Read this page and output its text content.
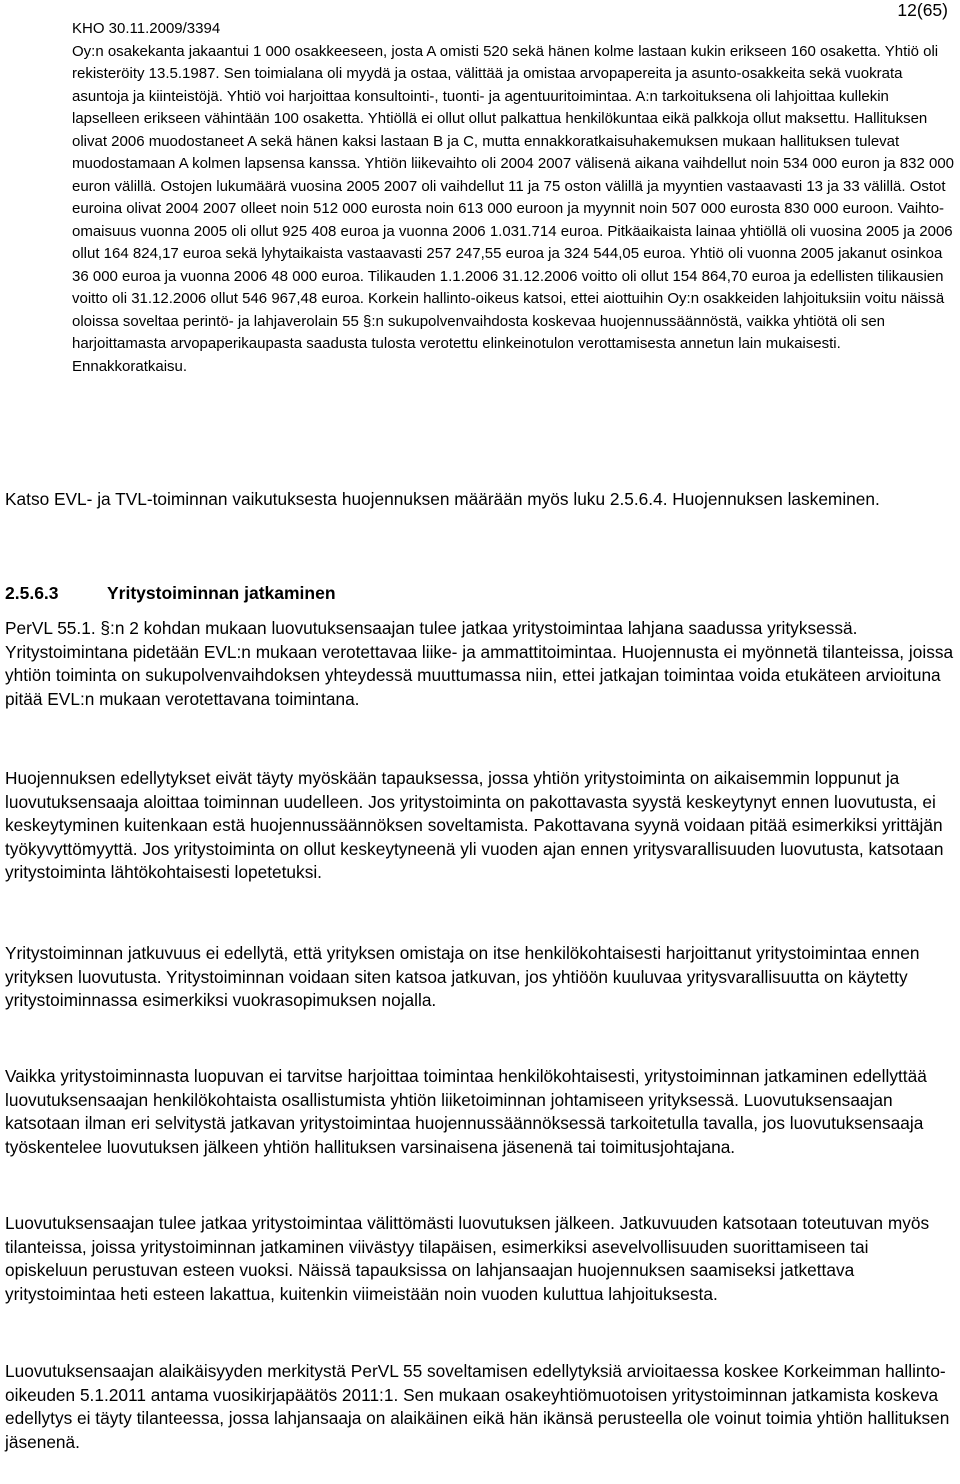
12(65)

KHO 30.11.2009/3394

Oy:n osakekanta jakaantui 1 000 osakkeeseen, josta A omisti 520 sekä hänen kolme lastaan kukin erikseen 160 osaketta. Yhtiö oli rekisteröity 13.5.1987. Sen toimialana oli myydä ja ostaa, välittää ja omistaa arvopapereita ja asunto-osakkeita sekä vuokrata asuntoja ja kiinteistöjä. Yhtiö voi harjoittaa konsultointi-, tuonti- ja agentuuritoimintaa. A:n tarkoituksena oli lahjoittaa kullekin lapselleen erikseen vähintään 100 osaketta. Yhtiöllä ei ollut ollut palkattua henkilökuntaa eikä palkkoja ollut maksettu. Hallituksen olivat 2006 muodostaneet A sekä hänen kaksi lastaan B ja C, mutta ennakkoratkaisuhakemuksen mukaan hallituksen tulevat muodostamaan A kolmen lapsensa kanssa. Yhtiön liikevaihto oli 2004 2007 välisenä aikana vaihdellut noin 534 000 euron ja 832 000 euron välillä. Ostojen lukumäärä vuosina 2005 2007 oli vaihdellut 11 ja 75 oston välillä ja myyntien vastaavasti 13 ja 33 välillä. Ostot euroina olivat 2004 2007 olleet noin 512 000 eurosta noin 613 000 euroon ja myynnit noin 507 000 eurosta 830 000 euroon. Vaihto-omaisuus vuonna 2005 oli ollut 925 408 euroa ja vuonna 2006 1.031.714 euroa. Pitkäaikaista lainaa yhtiöllä oli vuosina 2005 ja 2006 ollut 164 824,17 euroa sekä lyhytaikaista vastaavasti 257 247,55 euroa ja 324 544,05 euroa. Yhtiö oli vuonna 2005 jakanut osinkoa 36 000 euroa ja vuonna 2006 48 000 euroa. Tilikauden 1.1.2006 31.12.2006 voitto oli ollut 154 864,70 euroa ja edellisten tilikausien voitto oli 31.12.2006 ollut 546 967,48 euroa. Korkein hallinto-oikeus katsoi, ettei aiottuihin Oy:n osakkeiden lahjoituksiin voitu näissä oloissa soveltaa perintö- ja lahjaverolain 55 §:n sukupolvenvaihdosta koskevaa huojennussäännöstä, vaikka yhtiötä oli sen harjoittamasta arvopaperikaupasta saadusta tulosta verotettu elinkeinotulon verottamisesta annetun lain mukaisesti. Ennakkoratkaisu.

Katso EVL- ja TVL-toiminnan vaikutuksesta huojennuksen määrään myös luku 2.5.6.4. Huojennuksen laskeminen.

2.5.6.3	Yritystoiminnan jatkaminen

PerVL 55.1. §:n 2 kohdan mukaan luovutuksensaajan tulee jatkaa yritystoimintaa lahjana saadussa yrityksessä. Yritystoimintana pidetään EVL:n mukaan verotettavaa liike- ja ammattitoimintaa. Huojennusta ei myönnetä tilanteissa, joissa yhtiön toiminta on sukupolvenvaihdoksen yhteydessä muuttumassa niin, ettei jatkajan toimintaa voida etukäteen arvioituna pitää EVL:n mukaan verotettavana toimintana.

Huojennuksen edellytykset eivät täyty myöskään tapauksessa, jossa yhtiön yritystoiminta on aikaisemmin loppunut ja luovutuksensaaja aloittaa toiminnan uudelleen. Jos yritystoiminta on pakottavasta syystä keskeytynyt ennen luovutusta, ei keskeytyminen kuitenkaan estä huojennussäännöksen soveltamista. Pakottavana syynä voidaan pitää esimerkiksi yrittäjän työkyvyttömyyttä. Jos yritystoiminta on ollut keskeytyneenä yli vuoden ajan ennen yritysvarallisuuden luovutusta, katsotaan yritystoiminta lähtökohtaisesti lopetetuksi.

Yritystoiminnan jatkuvuus ei edellytä, että yrityksen omistaja on itse henkilökohtaisesti harjoittanut yritystoimintaa ennen yrityksen luovutusta. Yritystoiminnan voidaan siten katsoa jatkuvan, jos yhtiöön kuuluvaa yritysvarallisuutta on käytetty yritystoiminnassa esimerkiksi vuokrasopimuksen nojalla.

Vaikka yritystoiminnasta luopuvan ei tarvitse harjoittaa toimintaa henkilökohtaisesti, yritystoiminnan jatkaminen edellyttää luovutuksensaajan henkilökohtaista osallistumista yhtiön liiketoiminnan johtamiseen yrityksessä. Luovutuksensaajan katsotaan ilman eri selvitystä jatkavan yritystoimintaa huojennussäännöksessä tarkoitetulla tavalla, jos luovutuksensaaja työskentelee luovutuksen jälkeen yhtiön hallituksen varsinaisena jäsenenä tai toimitusjohtajana.

Luovutuksensaajan tulee jatkaa yritystoimintaa välittömästi luovutuksen jälkeen. Jatkuvuuden katsotaan toteutuvan myös tilanteissa, joissa yritystoiminnan jatkaminen viivästyy tilapäisen, esimerkiksi asevelvollisuuden suorittamiseen tai opiskeluun perustuvan esteen vuoksi. Näissä tapauksissa on lahjansaajan huojennuksen saamiseksi jatkettava yritystoimintaa heti esteen lakattua, kuitenkin viimeistään noin vuoden kuluttua lahjoituksesta.

Luovutuksensaajan alaikäisyyden merkitystä PerVL 55 soveltamisen edellytyksiä arvioitaessa koskee Korkeimman hallinto-oikeuden 5.1.2011 antama vuosikirjapäätös 2011:1. Sen mukaan osakeyhtiömuotoisen yritystoiminnan jatkamista koskeva edellytys ei täyty tilanteessa, jossa lahjansaaja on alaikäinen eikä hän ikänsä perusteella ole voinut toimia yhtiön hallituksen jäsenenä.
